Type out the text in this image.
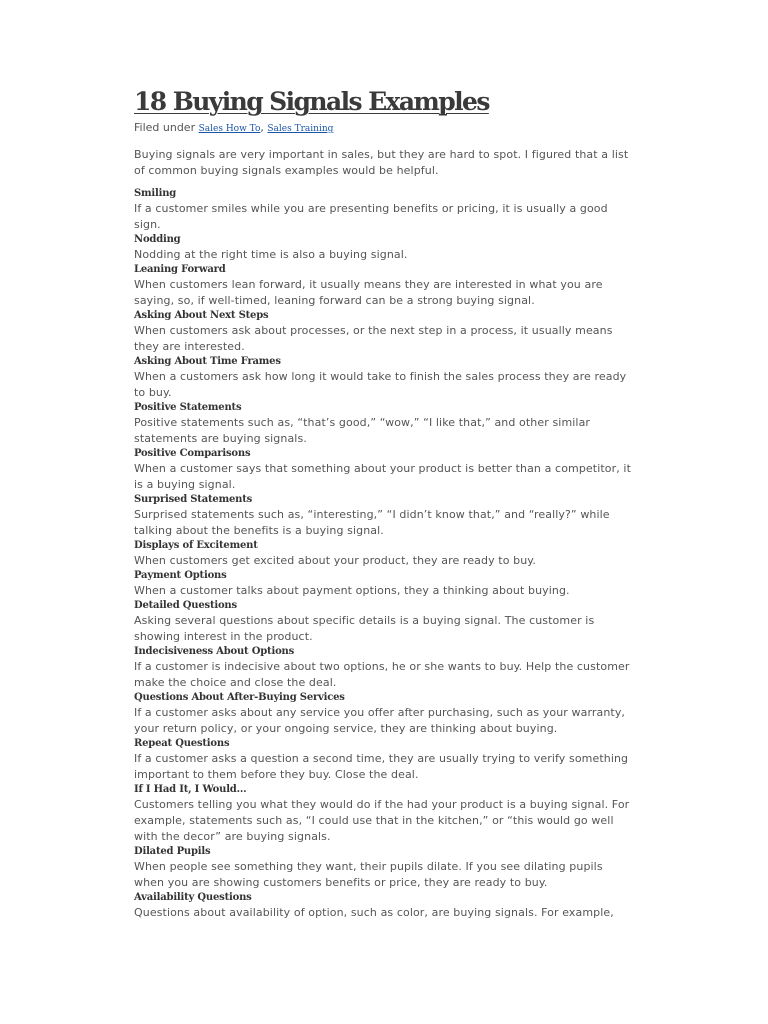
18 Buying Signals Examples
Filed under Sales How To, Sales Training
Buying signals are very important in sales, but they are hard to spot. I figured that a list of common buying signals examples would be helpful.
Smiling
If a customer smiles while you are presenting benefits or pricing, it is usually a good sign.
Nodding
Nodding at the right time is also a buying signal.
Leaning Forward
When customers lean forward, it usually means they are interested in what you are saying, so, if well-timed, leaning forward can be a strong buying signal.
Asking About Next Steps
When customers ask about processes, or the next step in a process, it usually means they are interested.
Asking About Time Frames
When a customers ask how long it would take to finish the sales process they are ready to buy.
Positive Statements
Positive statements such as, “that’s good,” “wow,” “I like that,” and other similar statements are buying signals.
Positive Comparisons
When a customer says that something about your product is better than a competitor, it is a buying signal.
Surprised Statements
Surprised statements such as, “interesting,” “I didn’t know that,” and “really?” while talking about the benefits is a buying signal.
Displays of Excitement
When customers get excited about your product, they are ready to buy.
Payment Options
When a customer talks about payment options, they a thinking about buying.
Detailed Questions
Asking several questions about specific details is a buying signal. The customer is showing interest in the product.
Indecisiveness About Options
If a customer is indecisive about two options, he or she wants to buy. Help the customer make the choice and close the deal.
Questions About After-Buying Services
If a customer asks about any service you offer after purchasing, such as your warranty, your return policy, or your ongoing service, they are thinking about buying.
Repeat Questions
If a customer asks a question a second time, they are usually trying to verify something important to them before they buy. Close the deal.
If I Had It, I Would…
Customers telling you what they would do if the had your product is a buying signal. For example, statements such as, “I could use that in the kitchen,” or “this would go well with the decor” are buying signals.
Dilated Pupils
When people see something they want, their pupils dilate. If you see dilating pupils when you are showing customers benefits or price, they are ready to buy.
Availability Questions
Questions about availability of option, such as color, are buying signals. For example,
